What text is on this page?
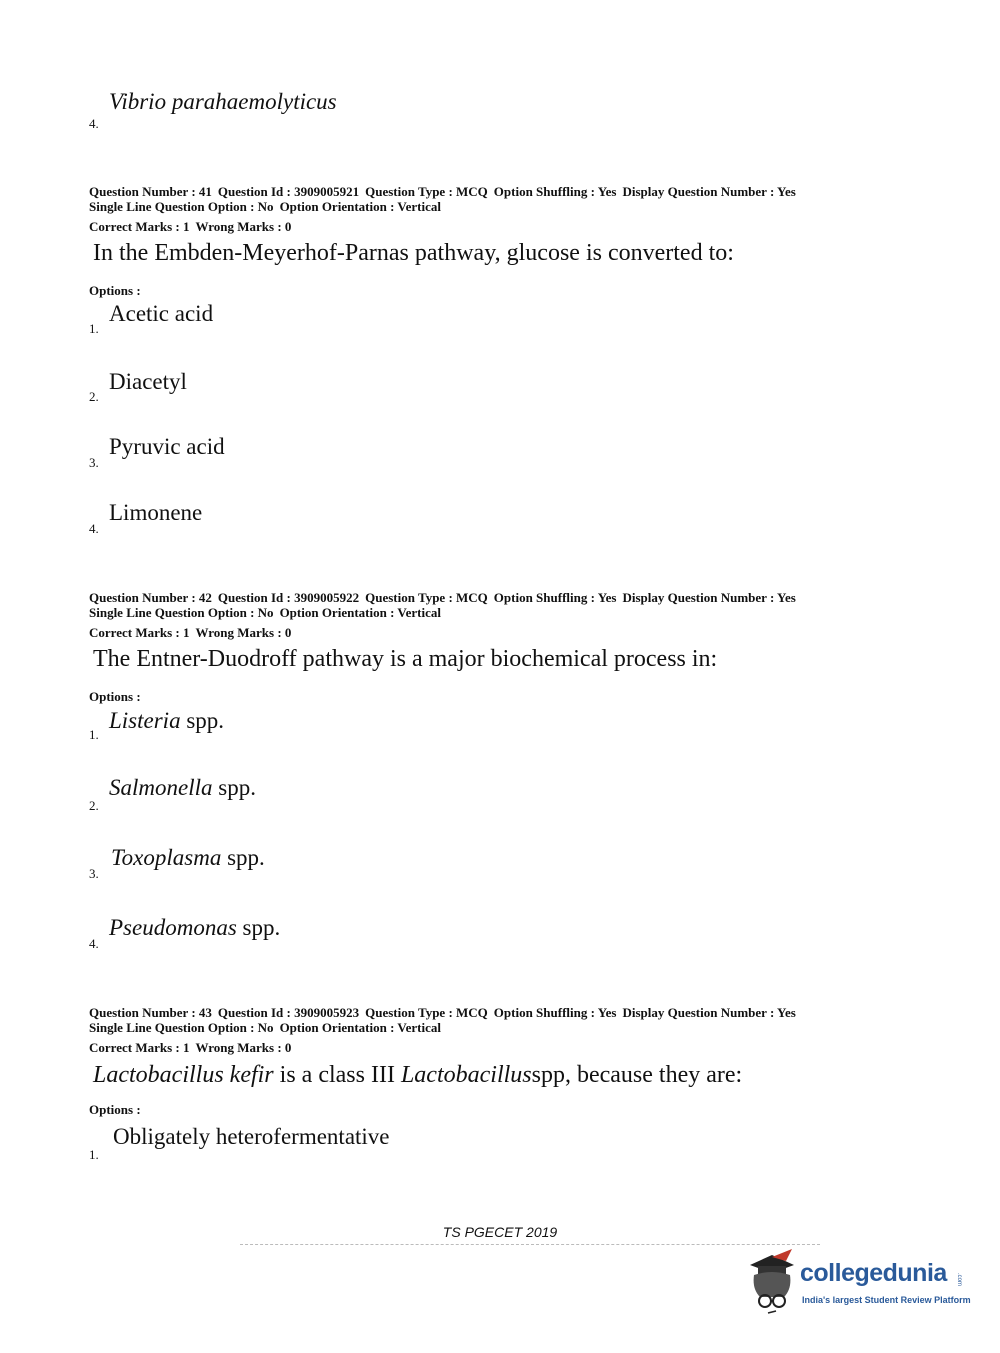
Vibrio parahaemolyticus
4.
Question Number : 41 Question Id : 3909005921 Question Type : MCQ Option Shuffling : Yes Display Question Number : Yes
Single Line Question Option : No Option Orientation : Vertical
Correct Marks : 1 Wrong Marks : 0
In the Embden-Meyerhof-Parnas pathway, glucose is converted to:
Options :
Acetic acid
1.
Diacetyl
2.
Pyruvic acid
3.
Limonene
4.
Question Number : 42 Question Id : 3909005922 Question Type : MCQ Option Shuffling : Yes Display Question Number : Yes
Single Line Question Option : No Option Orientation : Vertical
Correct Marks : 1 Wrong Marks : 0
The Entner-Duodroff pathway is a major biochemical process in:
Options :
Listeria spp.
1.
Salmonella spp.
2.
Toxoplasma spp.
3.
Pseudomonas spp.
4.
Question Number : 43 Question Id : 3909005923 Question Type : MCQ Option Shuffling : Yes Display Question Number : Yes
Single Line Question Option : No Option Orientation : Vertical
Correct Marks : 1 Wrong Marks : 0
Lactobacillus kefir is a class III Lactobacillusspp, because they are:
Options :
Obligately heterofermentative
1.
TS PGECET 2019
collegedunia .com
India's largest Student Review Platform
